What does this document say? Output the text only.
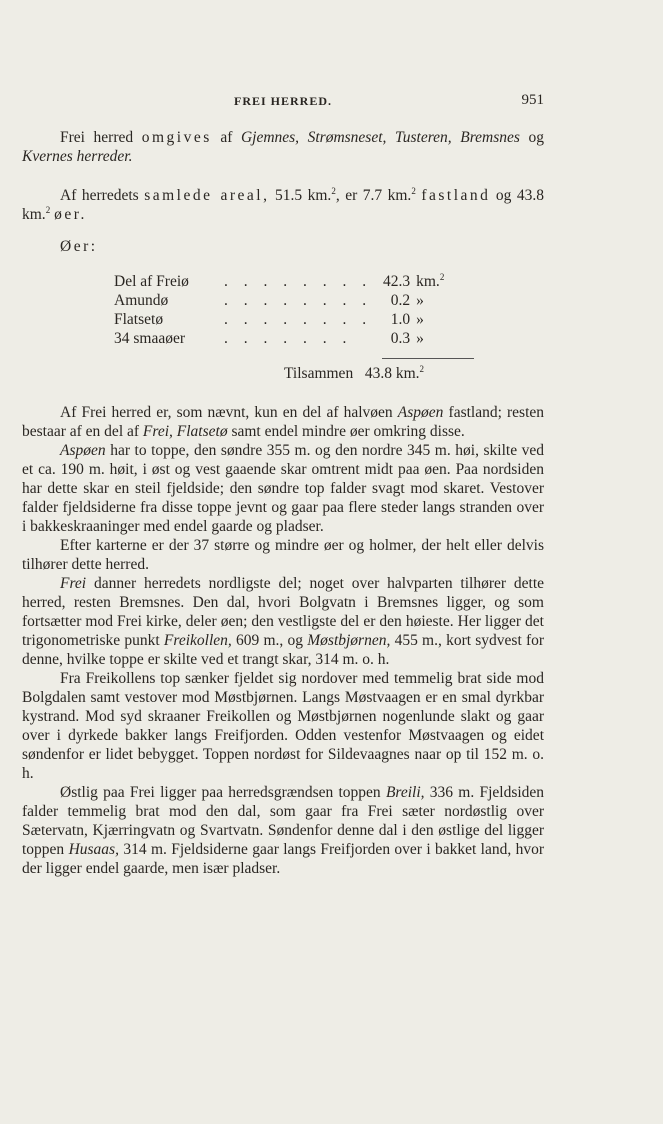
FREI HERRED.	951

Frei herred omgives af Gjemnes, Strømsneset, Tusteren, Bremsnes og Kvernes herreder.

Af herredets samlede areal, 51.5 km.$^2$, er 7.7 km.$^2$ fastland og 43.8 km.$^2$ øer.

Øer:

Del af Freiø	. . . . . . . .	42.3	km.$^2$
Amundø	. . . . . . . .	0.2	»
Flatsetø	. . . . . . . .	1.0	»
34 smaaøer	. . . . . . .	0.3	»
Tilsammen 43.8 km.$^2$

Af Frei herred er, som nævnt, kun en del af halvøen Aspøen fastland; resten bestaar af en del af Frei, Flatsetø samt endel mindre øer omkring disse.

Aspøen har to toppe, den søndre 355 m. og den nordre 345 m. høi, skilte ved et ca. 190 m. høit, i øst og vest gaaende skar omtrent midt paa øen. Paa nordsiden har dette skar en steil fjeldside; den søndre top falder svagt mod skaret. Vestover falder fjeldsiderne fra disse toppe jevnt og gaar paa flere steder langs stranden over i bakkeskraaninger med endel gaarde og pladser.

Efter karterne er der 37 større og mindre øer og holmer, der helt eller delvis tilhører dette herred.

Frei danner herredets nordligste del; noget over halvparten tilhører dette herred, resten Bremsnes. Den dal, hvori Bolgvatn i Bremsnes ligger, og som fortsætter mod Frei kirke, deler øen; den vestligste del er den høieste. Her ligger det trigonometriske punkt Freikollen, 609 m., og Møstbjørnen, 455 m., kort sydvest for denne, hvilke toppe er skilte ved et trangt skar, 314 m. o. h.

Fra Freikollens top sænker fjeldet sig nordover med temmelig brat side mod Bolgdalen samt vestover mod Møstbjørnen. Langs Møstvaagen er en smal dyrkbar kystrand. Mod syd skraaner Freikollen og Møstbjørnen nogenlunde slakt og gaar over i dyrkede bakker langs Freifjorden. Odden vestenfor Møstvaagen og eidet søndenfor er lidet bebygget. Toppen nordøst for Sildevaagnes naar op til 152 m. o. h.

Østlig paa Frei ligger paa herredsgrændsen toppen Breili, 336 m. Fjeldsiden falder temmelig brat mod den dal, som gaar fra Frei sæter nordøstlig over Sætervatn, Kjærringvatn og Svartvatn. Søndenfor denne dal i den østlige del ligger toppen Husaas, 314 m. Fjeldsiderne gaar langs Freifjorden over i bakket land, hvor der ligger endel gaarde, men især pladser.
